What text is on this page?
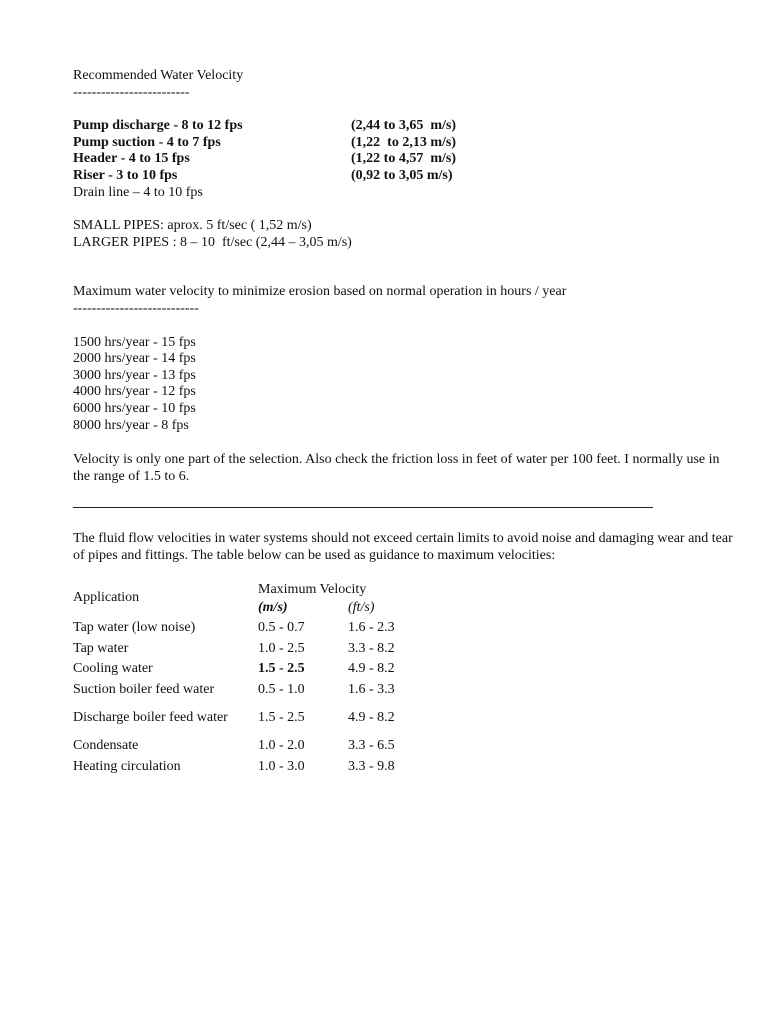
Recommended Water Velocity
-------------------------
Pump discharge - 8 to 12 fps	(2,44 to 3,65  m/s)
Pump suction - 4 to 7 fps	(1,22  to 2,13 m/s)
Header - 4 to 15 fps	(1,22 to 4,57  m/s)
Riser - 3 to 10 fps	(0,92 to 3,05 m/s)
Drain line – 4 to 10 fps
SMALL PIPES: aprox. 5 ft/sec ( 1,52 m/s)
LARGER PIPES : 8 – 10  ft/sec (2,44 – 3,05 m/s)
Maximum water velocity to minimize erosion based on normal operation in hours / year
---------------------------
1500 hrs/year - 15 fps
2000 hrs/year - 14 fps
3000 hrs/year - 13 fps
4000 hrs/year - 12 fps
6000 hrs/year - 10 fps
8000 hrs/year - 8 fps

Velocity is only one part of the selection. Also check the friction loss in feet of water per 100 feet. I normally use in the range of 1.5 to 6.

The fluid flow velocities in water systems should not exceed certain limits to avoid noise and damaging wear and tear of pipes and fittings. The table below can be used as guidance to maximum velocities:

Application	Maximum Velocity	
	(m/s)	(ft/s)
Tap water (low noise)	0.5 - 0.7	1.6 - 2.3
Tap water	1.0 - 2.5	3.3 - 8.2
Cooling water	1.5 - 2.5	4.9 - 8.2
Suction boiler feed water	0.5 - 1.0	1.6 - 3.3
Discharge boiler feed water	1.5 - 2.5	4.9 - 8.2
Condensate	1.0 - 2.0	3.3 - 6.5
Heating circulation	1.0 - 3.0	3.3 - 9.8
